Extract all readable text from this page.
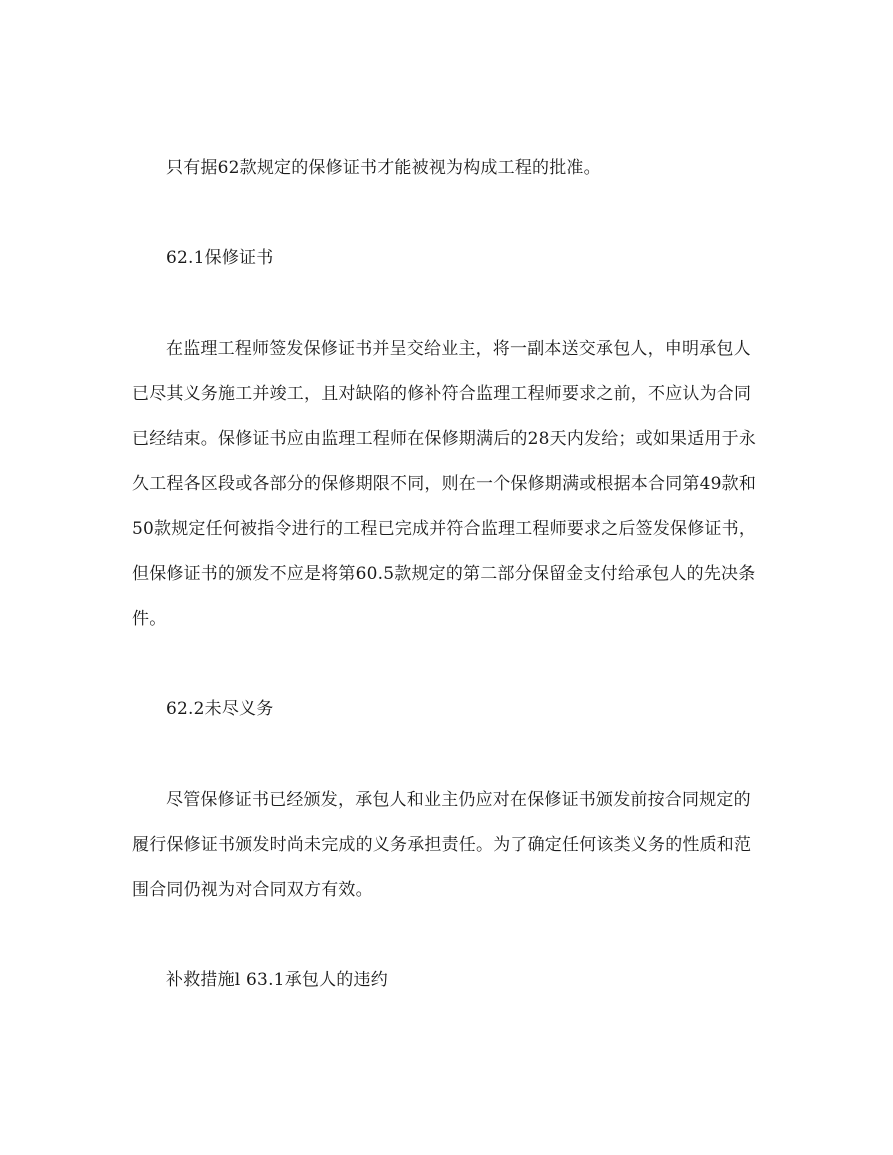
只有据62款规定的保修证书才能被视为构成工程的批准。
62.1保修证书
在监理工程师签发保修证书并呈交给业主，将一副本送交承包人，申明承包人
已尽其义务施工并竣工，且对缺陷的修补符合监理工程师要求之前，不应认为合同
已经结束。保修证书应由监理工程师在保修期满后的28天内发给；或如果适用于永
久工程各区段或各部分的保修期限不同，则在一个保修期满或根据本合同第49款和
50款规定任何被指令进行的工程已完成并符合监理工程师要求之后签发保修证书，
但保修证书的颁发不应是将第60.5款规定的第二部分保留金支付给承包人的先决条
件。
62.2未尽义务
尽管保修证书已经颁发，承包人和业主仍应对在保修证书颁发前按合同规定的
履行保修证书颁发时尚未完成的义务承担责任。为了确定任何该类义务的性质和范
围合同仍视为对合同双方有效。
补救措施l 63.1承包人的违约
